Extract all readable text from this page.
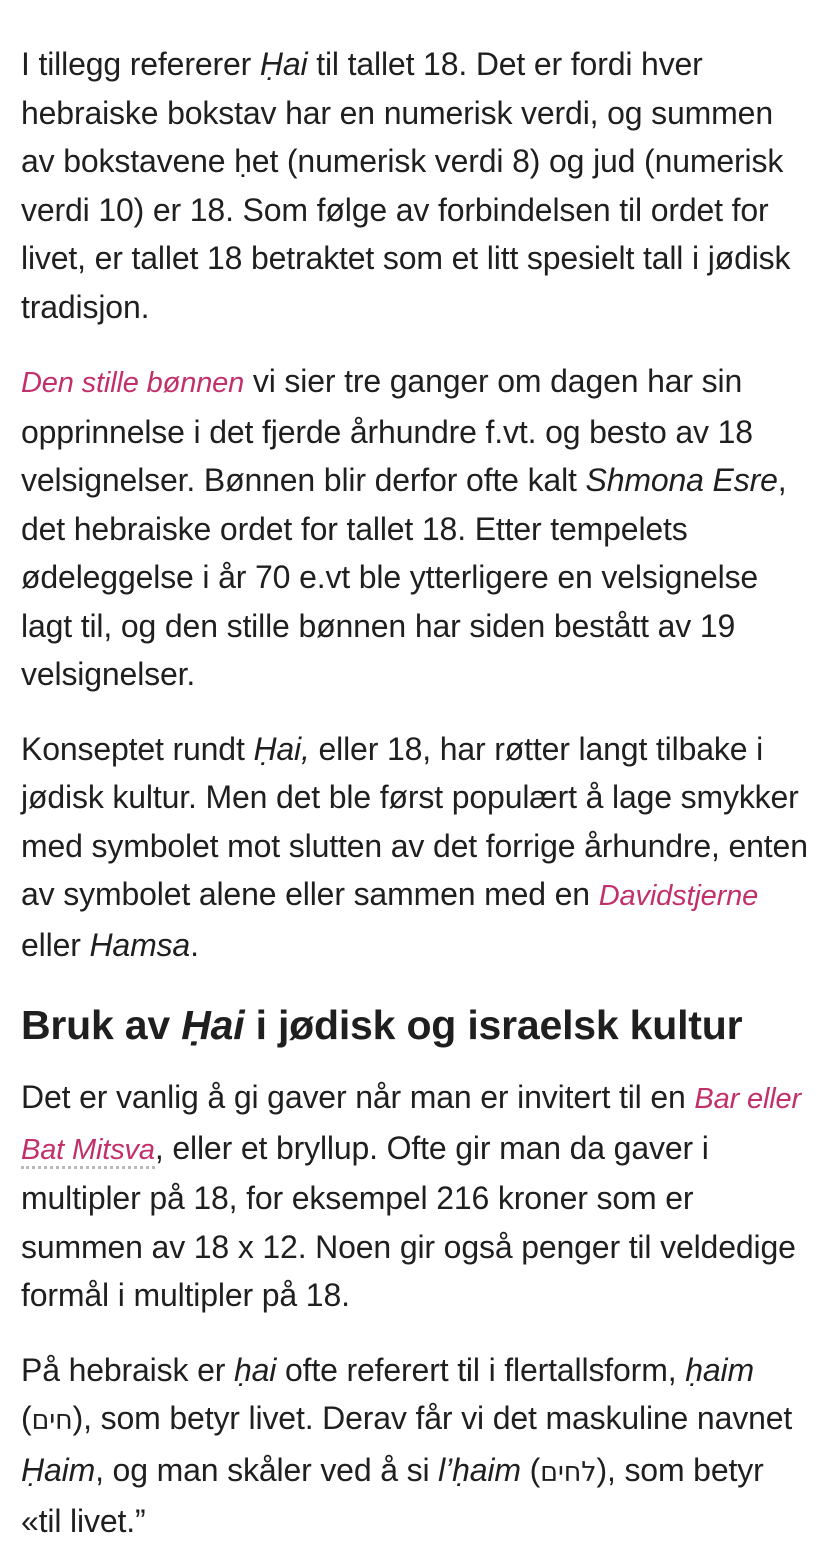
I tillegg refererer Ḥai til tallet 18. Det er fordi hver hebraiske bokstav har en numerisk verdi, og summen av bokstavene ḥet (numerisk verdi 8) og jud (numerisk verdi 10) er 18. Som følge av forbindelsen til ordet for livet, er tallet 18 betraktet som et litt spesielt tall i jødisk tradisjon.

Den stille bønnen vi sier tre ganger om dagen har sin opprinnelse i det fjerde århundre f.vt. og besto av 18 velsignelser. Bønnen blir derfor ofte kalt Shmona Esre, det hebraiske ordet for tallet 18. Etter tempelets ødeleggelse i år 70 e.vt ble ytterligere en velsignelse lagt til, og den stille bønnen har siden bestått av 19 velsignelser.

Konseptet rundt Ḥai, eller 18, har røtter langt tilbake i jødisk kultur. Men det ble først populært å lage smykker med symbolet mot slutten av det forrige århundre, enten av symbolet alene eller sammen med en Davidstjerne eller Hamsa.

Bruk av Ḥai i jødisk og israelsk kultur

Det er vanlig å gi gaver når man er invitert til en Bar eller Bat Mitsva, eller et bryllup. Ofte gir man da gaver i multipler på 18, for eksempel 216 kroner som er summen av 18 x 12. Noen gir også penger til veldedige formål i multipler på 18.

På hebraisk er ḥai ofte referert til i flertallsform, ḥaim (חים), som betyr livet. Derav får vi det maskuline navnet Ḥaim, og man skåler ved å si l’ḥaim (לחים), som betyr «til livet.”
